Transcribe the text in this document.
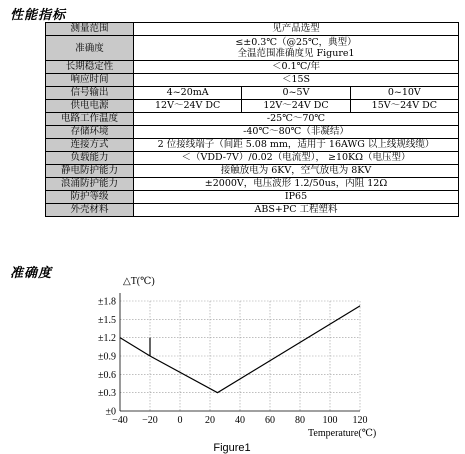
性能指标
测量范围	见产品选型		
准确度	≤±0.3℃（@25℃，典型）
全温范围准确度见 Figure1		
长期稳定性	＜0.1℃/年		
响应时间	＜15S		
信号输出	4~20mA	0~5V	0~10V
供电电源	12V～24V DC	12V～24V DC	15V～24V DC
电路工作温度	-25℃～70℃		
存储环境	-40℃～80℃（非凝结）		
连接方式	2 位接线端子（间距 5.08 mm，适用于 16AWG 以上线规线缆）		
负载能力	＜（VDD-7V）/0.02（电流型）， ≥10KΩ（电压型）		
静电防护能力	接触放电为 6KV，空气放电为 8KV		
浪涌防护能力	±2000V，电压波形 1.2/50us，内阻 12Ω		
防护等级	IP65		
外壳材料	ABS+PC 工程塑料		
准确度
−40 −20 0 20 40 60 80 100 120
±0
±0.3
±0.6
±0.9
±1.2
±1.5
±1.8
△T(℃)
Temperature(℃)
Figure1
